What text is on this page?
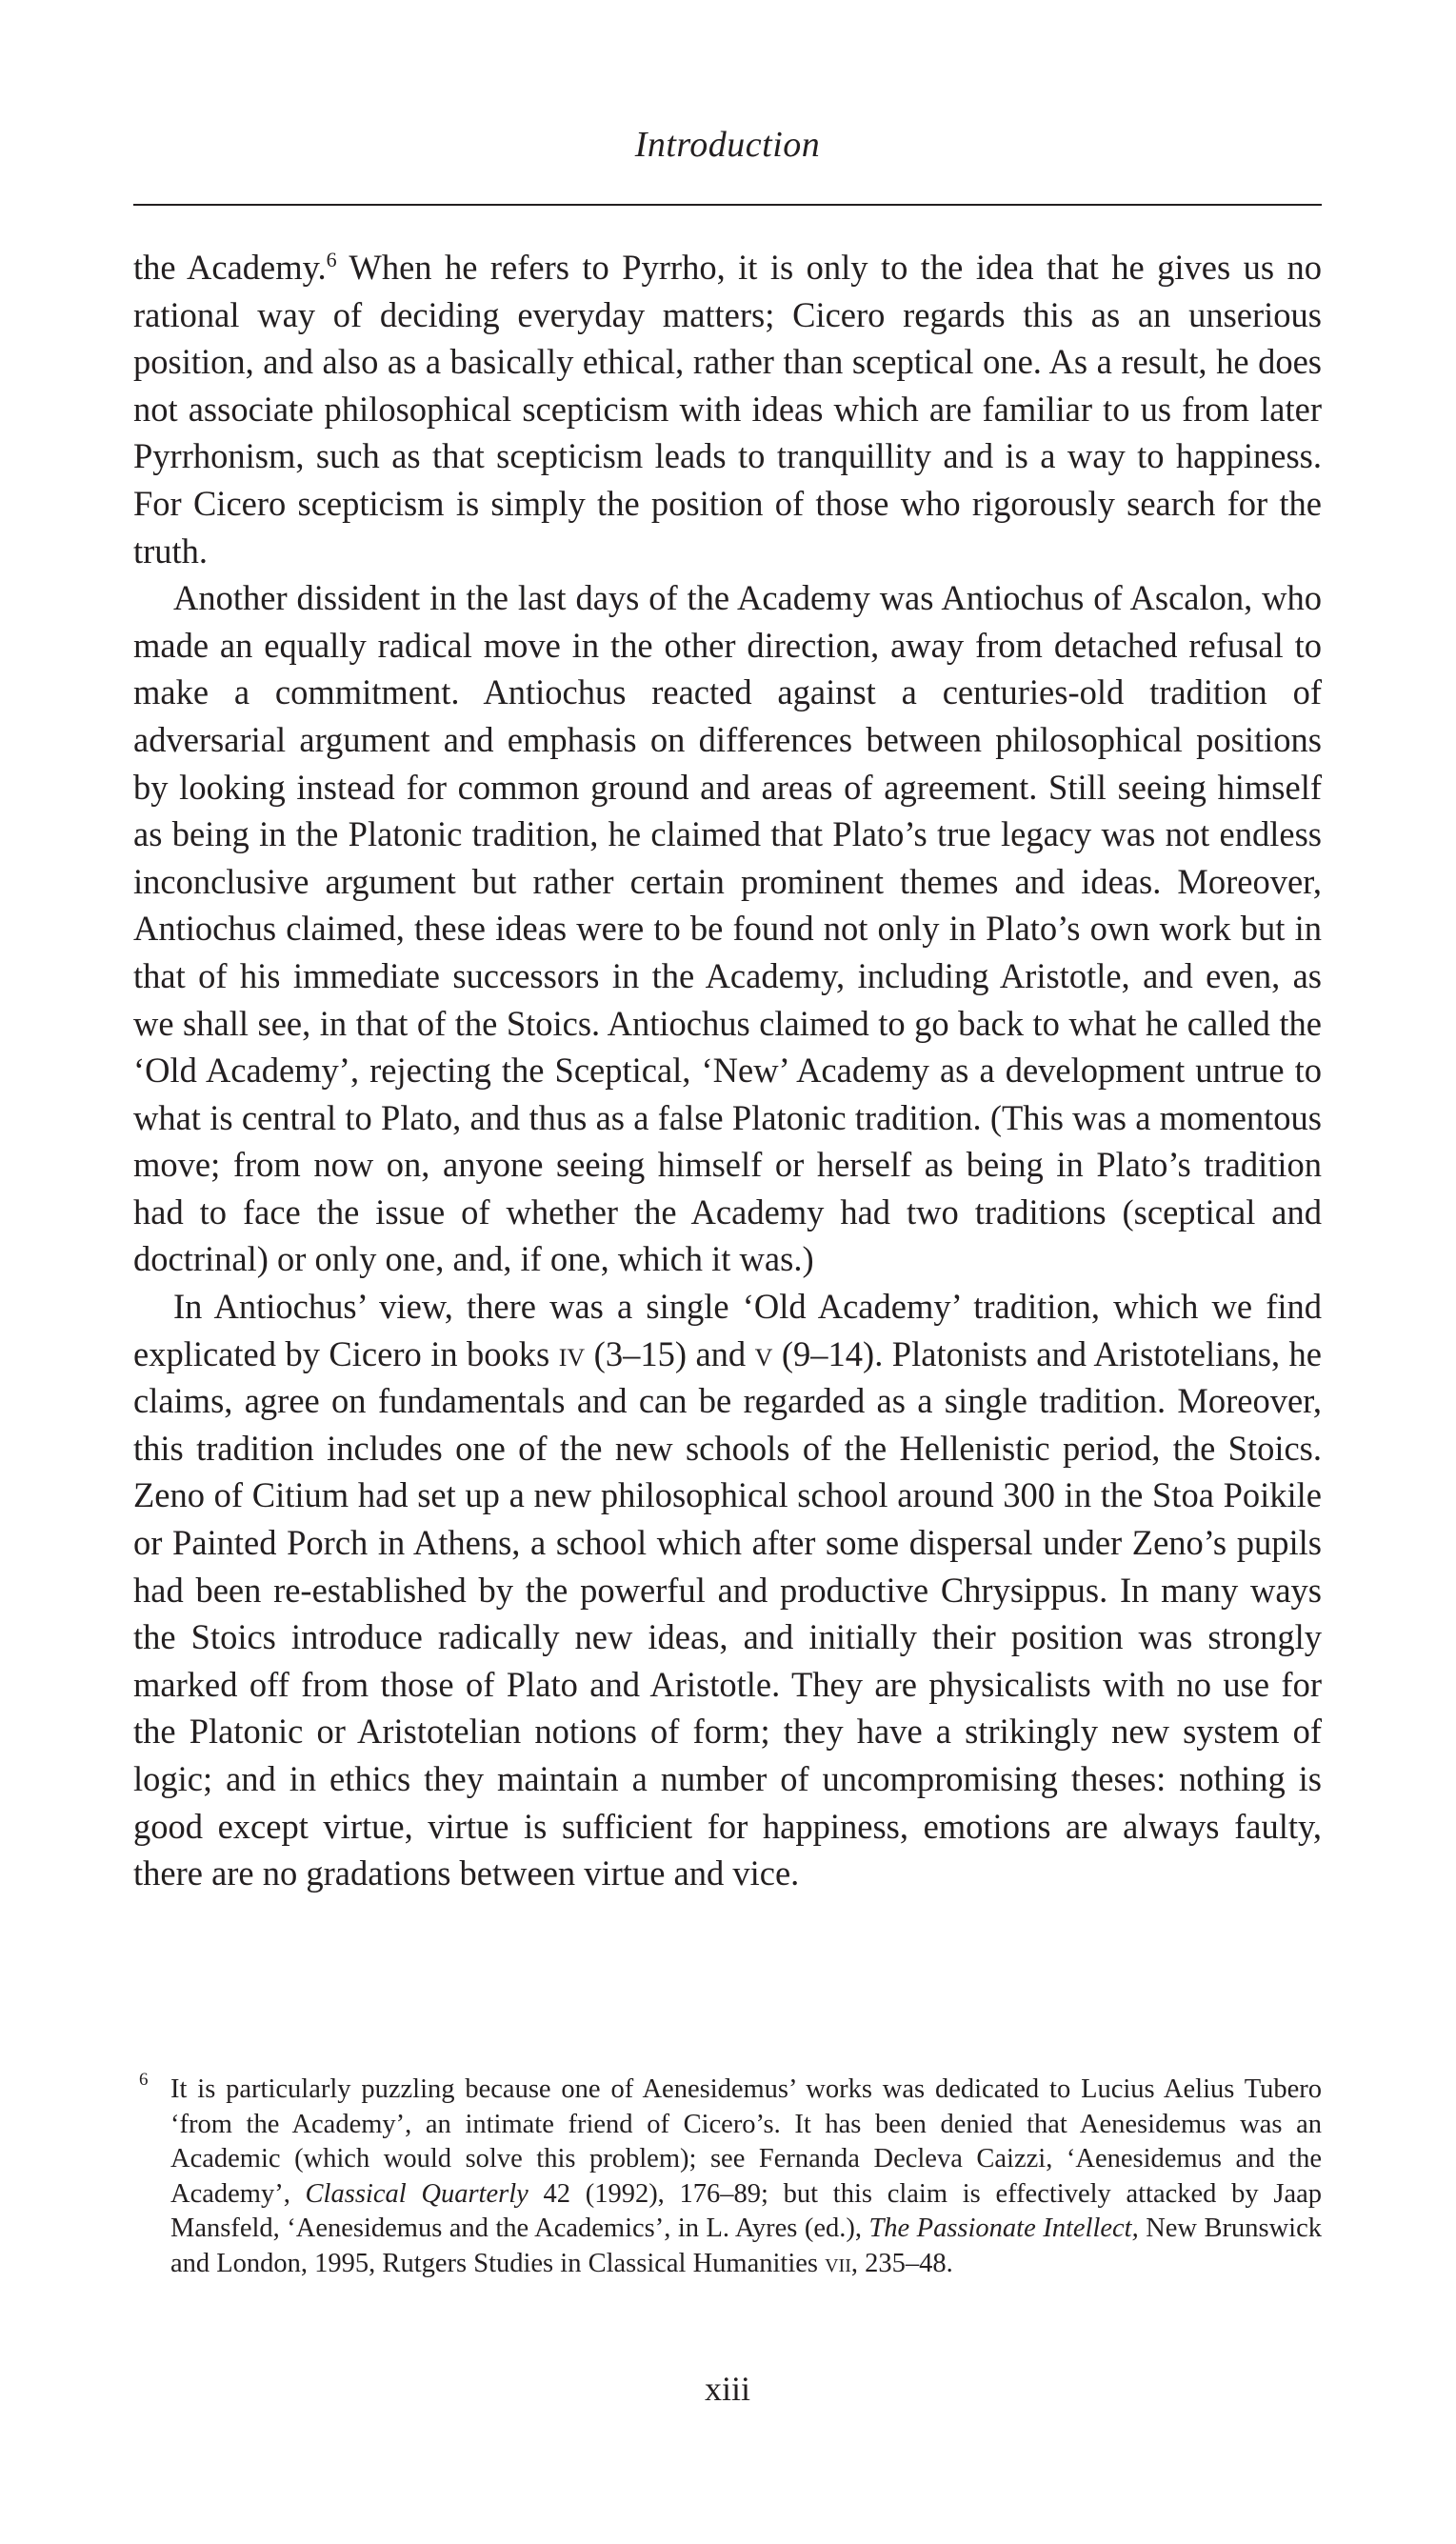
Introduction

the Academy.$^6$ When he refers to Pyrrho, it is only to the idea that he gives us no rational way of deciding everyday matters; Cicero regards this as an unserious position, and also as a basically ethical, rather than sceptical one. As a result, he does not associate philosophical scepticism with ideas which are familiar to us from later Pyrrhonism, such as that scepticism leads to tranquillity and is a way to happiness. For Cicero scepticism is simply the position of those who rigorously search for the truth.

Another dissident in the last days of the Academy was Antiochus of Ascalon, who made an equally radical move in the other direction, away from detached refusal to make a commitment. Antiochus reacted against a centuries-old tradition of adversarial argument and emphasis on differences between philosophical positions by looking instead for common ground and areas of agreement. Still seeing himself as being in the Platonic tradition, he claimed that Plato’s true legacy was not endless inconclusive argument but rather certain prominent themes and ideas. Moreover, Antiochus claimed, these ideas were to be found not only in Plato’s own work but in that of his immediate successors in the Academy, including Aristotle, and even, as we shall see, in that of the Stoics. Antiochus claimed to go back to what he called the ‘Old Academy’, rejecting the Sceptical, ‘New’ Academy as a development untrue to what is central to Plato, and thus as a false Platonic tradition. (This was a momentous move; from now on, anyone seeing himself or herself as being in Plato’s tradition had to face the issue of whether the Academy had two traditions (sceptical and doctrinal) or only one, and, if one, which it was.)

In Antiochus’ view, there was a single ‘Old Academy’ tradition, which we find explicated by Cicero in books iv (3–15) and v (9–14). Platonists and Aristotelians, he claims, agree on fundamentals and can be regarded as a single tradition. Moreover, this tradition includes one of the new schools of the Hellenistic period, the Stoics. Zeno of Citium had set up a new philosophical school around 300 in the Stoa Poikile or Painted Porch in Athens, a school which after some dispersal under Zeno’s pupils had been re-established by the powerful and productive Chrysippus. In many ways the Stoics introduce radically new ideas, and initially their position was strongly marked off from those of Plato and Aristotle. They are physicalists with no use for the Platonic or Aristotelian notions of form; they have a strikingly new system of logic; and in ethics they maintain a number of uncompromising theses: nothing is good except virtue, virtue is sufficient for happiness, emotions are always faulty, there are no gradations between virtue and vice.

6 It is particularly puzzling because one of Aenesidemus’ works was dedicated to Lucius Aelius Tubero ‘from the Academy’, an intimate friend of Cicero’s. It has been denied that Aenesidemus was an Academic (which would solve this problem); see Fernanda Decleva Caizzi, ‘Aenesidemus and the Academy’, Classical Quarterly 42 (1992), 176–89; but this claim is effectively attacked by Jaap Mansfeld, ‘Aenesidemus and the Academics’, in L. Ayres (ed.), The Passionate Intellect, New Brunswick and London, 1995, Rutgers Studies in Classical Humanities vii, 235–48.

xiii
